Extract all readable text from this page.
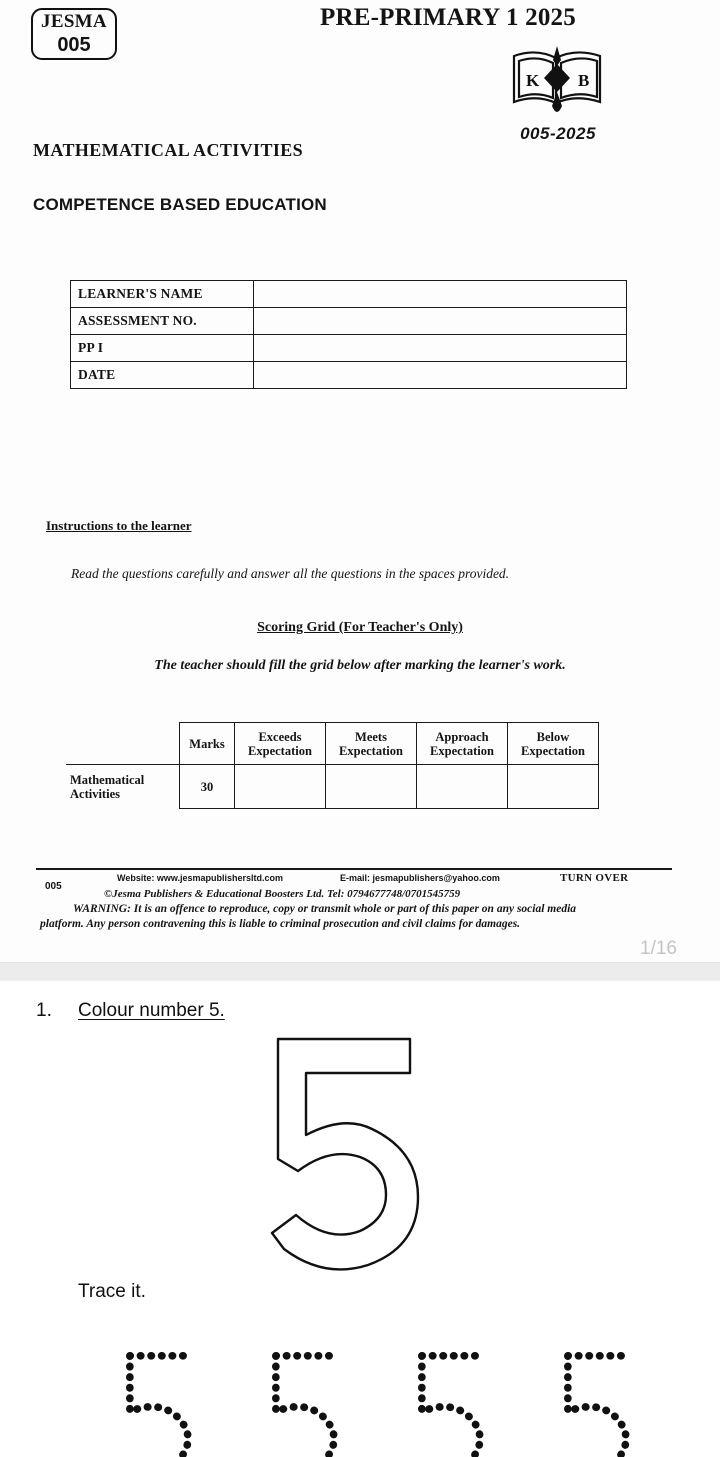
JESMA
005
PRE-PRIMARY 1 2025
K B
005-2025
MATHEMATICAL ACTIVITIES
COMPETENCE BASED EDUCATION
LEARNER'S NAME	
ASSESSMENT NO.	
PP I	
DATE	
Instructions to the learner
Read the questions carefully and answer all the questions in the spaces provided.
Scoring Grid (For Teacher's Only)
The teacher should fill the grid below after marking the learner's work.
	Marks	Exceeds Expectation	Meets Expectation	Approach Expectation	Below Expectation
Mathematical Activities	30				
005
Website: www.jesmapublishersltd.com	E-mail: jesmapublishers@yahoo.com	TURN OVER
©Jesma Publishers & Educational Boosters Ltd. Tel: 0794677748/0701545759
WARNING: It is an offence to reproduce, copy or transmit whole or part of this paper on any social media
platform. Any person contravening this is liable to criminal prosecution and civil claims for damages.
1/16
1. Colour number 5.
Trace it.
